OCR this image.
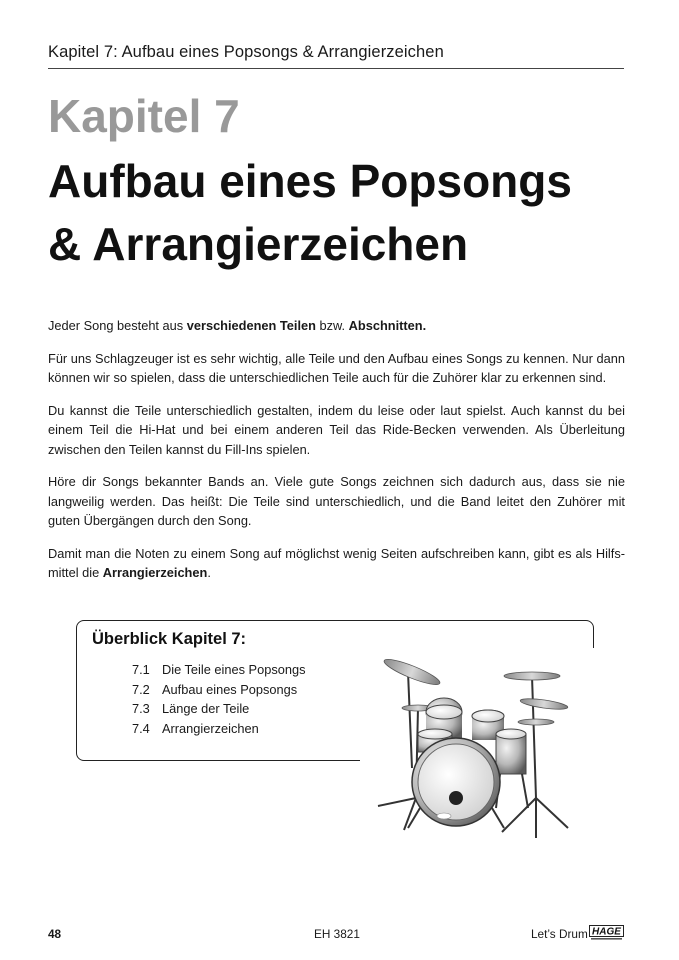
Kapitel 7: Aufbau eines Popsongs & Arrangierzeichen
Kapitel 7
Aufbau eines Popsongs
& Arrangierzeichen

Jeder Song besteht aus verschiedenen Teilen bzw. Abschnitten.

Für uns Schlagzeuger ist es sehr wichtig, alle Teile und den Aufbau eines Songs zu kennen. Nur dann können wir so spielen, dass die unterschiedlichen Teile auch für die Zuhörer klar zu erkennen sind.

Du kannst die Teile unterschiedlich gestalten, indem du leise oder laut spielst. Auch kannst du bei einem Teil die Hi-Hat und bei einem anderen Teil das Ride-Becken verwenden. Als Überleitung zwischen den Teilen kannst du Fill-Ins spielen.

Höre dir Songs bekannter Bands an. Viele gute Songs zeichnen sich dadurch aus, dass sie nie langweilig werden. Das heißt: Die Teile sind unterschiedlich, und die Band leitet den Zuhörer mit guten Übergängen durch den Song.

Damit man die Noten zu einem Song auf möglichst wenig Seiten aufschreiben kann, gibt es als Hilfsmittel die Arrangierzeichen.

Überblick Kapitel 7:
7.1 Die Teile eines Popsongs
7.2 Aufbau eines Popsongs
7.3 Länge der Teile
7.4 Arrangierzeichen
48	EH 3821	Let’s Drum HAGE
